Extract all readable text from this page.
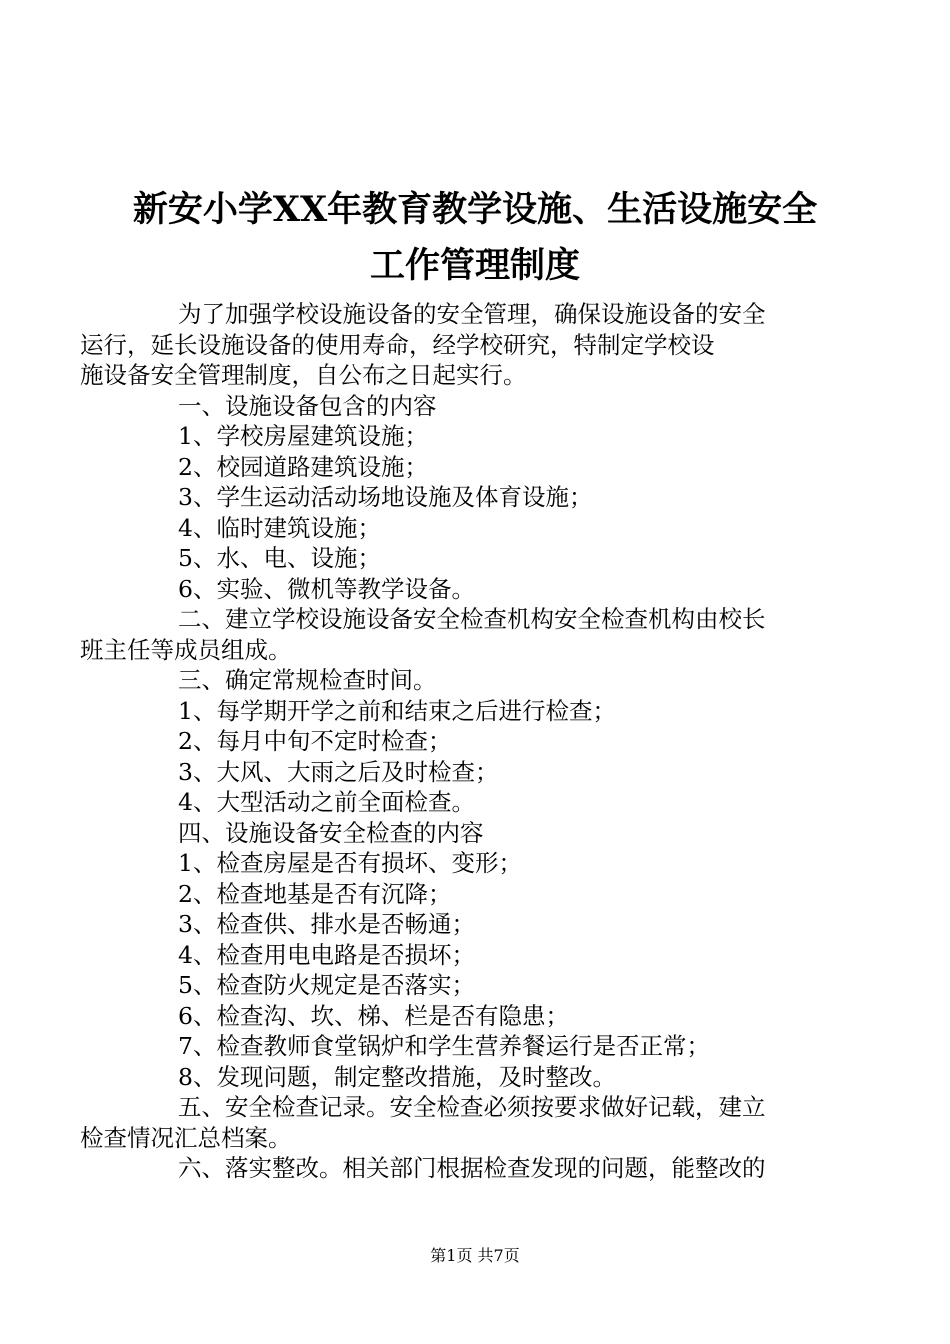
新安小学XX年教育教学设施、生活设施安全
工作管理制度
为了加强学校设施设备的安全管理，确保设施设备的安全
运行，延长设施设备的使用寿命，经学校研究，特制定学校设
施设备安全管理制度，自公布之日起实行。
一、设施设备包含的内容
1、学校房屋建筑设施；
2、校园道路建筑设施；
3、学生运动活动场地设施及体育设施；
4、临时建筑设施；
5、水、电、设施；
6、实验、微机等教学设备。
二、建立学校设施设备安全检查机构安全检查机构由校长
班主任等成员组成。
三、确定常规检查时间。
1、每学期开学之前和结束之后进行检查；
2、每月中旬不定时检查；
3、大风、大雨之后及时检查；
4、大型活动之前全面检查。
四、设施设备安全检查的内容
1、检查房屋是否有损坏、变形；
2、检查地基是否有沉降；
3、检查供、排水是否畅通；
4、检查用电电路是否损坏；
5、检查防火规定是否落实；
6、检查沟、坎、梯、栏是否有隐患；
7、检查教师食堂锅炉和学生营养餐运行是否正常；
8、发现问题，制定整改措施，及时整改。
五、安全检查记录。安全检查必须按要求做好记载，建立
检查情况汇总档案。
六、落实整改。相关部门根据检查发现的问题，能整改的
第1页 共7页
